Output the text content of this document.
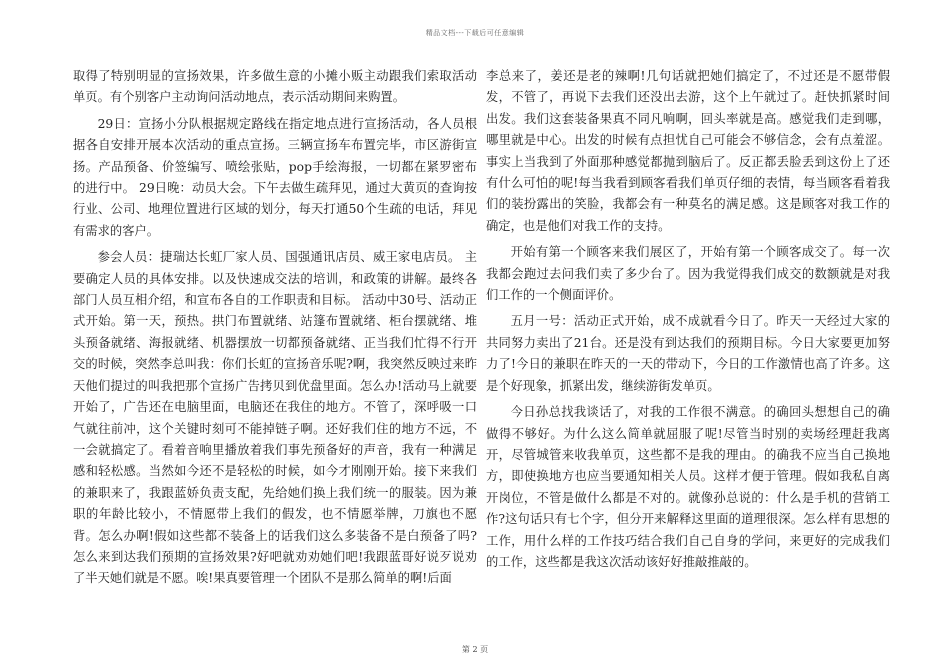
精品文档---下载后可任意编辑

取得了特别明显的宣扬效果，许多做生意的小摊小贩主动跟我们索取活动单页。有个别客户主动询问活动地点，表示活动期间来购置。

29日：宣扬小分队根据规定路线在指定地点进行宣扬活动，各人员根据各自安排开展本次活动的重点宣扬。三辆宣扬车布置完毕，市区游街宣扬。产品预备、价签编写、喷绘张贴，pop手绘海报，一切都在紧罗密布的进行中。 29日晚：动员大会。下午去做生疏拜见，通过大黄页的查询按行业、公司、地理位置进行区域的划分，每天打通50个生疏的电话，拜见有需求的客户。

参会人员：捷瑞达长虹厂家人员、国强通讯店员、威王家电店员。 主要确定人员的具体安排。以及快速成交法的培训，和政策的讲解。最终各部门人员互相介绍，和宣布各自的工作职责和目标。 活动中30号、活动正式开始。第一天，预热。拱门布置就绪、站篷布置就绪、柜台摆就绪、堆头预备就绪、海报就绪、机器摆放一切都预备就绪、正当我们忙得不行开交的时候，突然李总叫我：你们长虹的宣扬音乐呢?啊，我突然反映过来昨天他们提过的叫我把那个宣扬广告拷贝到优盘里面。怎么办!活动马上就要开始了，广告还在电脑里面，电脑还在我住的地方。不管了，深呼吸一口气就往前冲，这个关键时刻可不能掉链子啊。还好我们住的地方不远，不一会就搞定了。看着音响里播放着我们事先预备好的声音，我有一种满足感和轻松感。当然如今还不是轻松的时候，如今才刚刚开始。接下来我们的兼职来了，我跟蓝娇负责支配，先给她们换上我们统一的服装。因为兼职的年龄比较小，不情愿带上我们的假发，也不情愿举牌，刀旗也不愿背。怎么办啊!假如这些都不装备上的话我们这么多装备不是白预备了吗?怎么来到达我们预期的宣扬效果?好吧就劝劝她们吧!我跟蓝哥好说歹说劝了半天她们就是不愿。唉!果真要管理一个团队不是那么简单的啊!后面

李总来了，姜还是老的辣啊!几句话就把她们搞定了，不过还是不愿带假发，不管了，再说下去我们还没出去游，这个上午就过了。赶快抓紧时间出发。我们这套装备果真不同凡响啊，回头率就是高。感觉我们走到哪，哪里就是中心。出发的时候有点担忧自己可能会不够信念，会有点羞涩。事实上当我到了外面那种感觉都抛到脑后了。反正都丢脸丢到这份上了还有什么可怕的呢!每当我看到顾客看我们单页仔细的表情，每当顾客看着我们的装扮露出的笑脸，我都会有一种莫名的满足感。这是顾客对我工作的确定，也是他们对我工作的支持。

开始有第一个顾客来我们展区了，开始有第一个顾客成交了。每一次我都会跑过去问我们卖了多少台了。因为我觉得我们成交的数额就是对我们工作的一个侧面评价。

五月一号：活动正式开始，成不成就看今日了。昨天一天经过大家的共同努力卖出了21台。还是没有到达我们的预期目标。今日大家要更加努力了!今日的兼职在昨天的一天的带动下，今日的工作激情也高了许多。这是个好现象，抓紧出发，继续游街发单页。

今日孙总找我谈话了，对我的工作很不满意。的确回头想想自己的确做得不够好。为什么这么简单就屈服了呢!尽管当时别的卖场经理赶我离开，尽管城管来收我单页，这些都不是我的理由。的确我不应当自己换地方，即使换地方也应当要通知相关人员。这样才便于管理。假如我私自离开岗位，不管是做什么都是不对的。就像孙总说的：什么是手机的营销工作?这句话只有七个字，但分开来解释这里面的道理很深。怎么样有思想的工作，用什么样的工作技巧结合我们自己自身的学问，来更好的完成我们的工作，这些都是我这次活动该好好推敲推敲的。

第 2 页
